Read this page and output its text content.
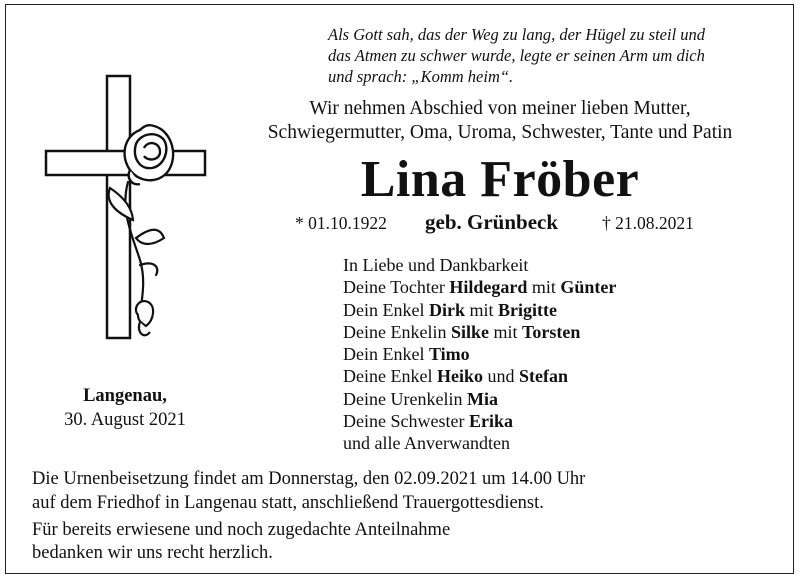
Als Gott sah, das der Weg zu lang, der Hügel zu steil und
das Atmen zu schwer wurde, legte er seinen Arm um dich
und sprach: „Komm heim“.
Wir nehmen Abschied von meiner lieben Mutter,
Schwiegermutter, Oma, Uroma, Schwester, Tante und Patin
Lina Fröber
* 01.10.1922 geb. Grünbeck	† 21.08.2021
In Liebe und Dankbarkeit
Deine Tochter Hildegard mit Günter
Dein Enkel Dirk mit Brigitte
Deine Enkelin Silke mit Torsten
Dein Enkel Timo
Deine Enkel Heiko und Stefan
Deine Urenkelin Mia
Deine Schwester Erika
und alle Anverwandten
Langenau,
30. August 2021
Die Urnenbeisetzung findet am Donnerstag, den 02.09.2021 um 14.00 Uhr
auf dem Friedhof in Langenau statt, anschließend Trauergottesdienst.
Für bereits erwiesene und noch zugedachte Anteilnahme
bedanken wir uns recht herzlich.
